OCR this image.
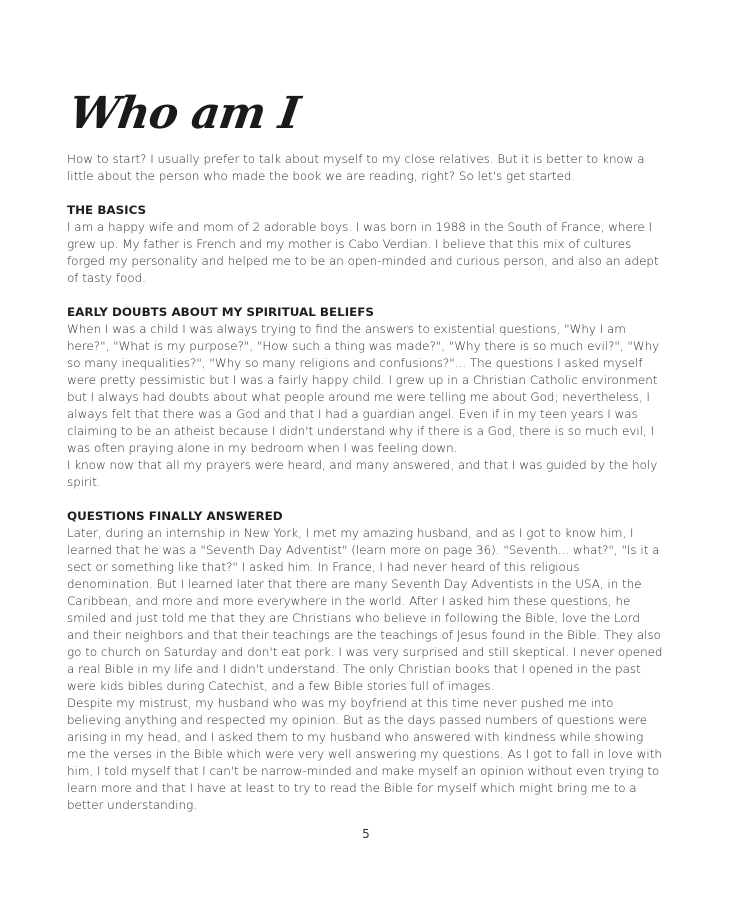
Who am I

How to start? I usually prefer to talk about myself to my close relatives. But it is better to know a little about the person who made the book we are reading, right? So let's get started.

THE BASICS

I am a happy wife and mom of 2 adorable boys. I was born in 1988 in the South of France, where I grew up. My father is French and my mother is Cabo Verdian. I believe that this mix of cultures forged my personality and helped me to be an open-minded and curious person, and also an adept of tasty food.

EARLY DOUBTS ABOUT MY SPIRITUAL BELIEFS

When I was a child I was always trying to find the answers to existential questions, "Why I am here?", "What is my purpose?", "How such a thing was made?", "Why there is so much evil?", "Why so many inequalities?", "Why so many religions and confusions?"... The questions I asked myself were pretty pessimistic but I was a fairly happy child. I grew up in a Christian Catholic environment but I always had doubts about what people around me were telling me about God; nevertheless, I always felt that there was a God and that I had a guardian angel. Even if in my teen years I was claiming to be an atheist because I didn't understand why if there is a God, there is so much evil, I was often praying alone in my bedroom when I was feeling down.

I know now that all my prayers were heard, and many answered, and that I was guided by the holy spirit.

QUESTIONS FINALLY ANSWERED

Later, during an internship in New York, I met my amazing husband, and as I got to know him, I learned that he was a "Seventh Day Adventist" (learn more on page 36). "Seventh... what?", "Is it a sect or something like that?" I asked him. In France, I had never heard of this religious denomination. But I learned later that there are many Seventh Day Adventists in the USA, in the Caribbean, and more and more everywhere in the world. After I asked him these questions, he smiled and just told me that they are Christians who believe in following the Bible, love the Lord and their neighbors and that their teachings are the teachings of Jesus found in the Bible. They also go to church on Saturday and don't eat pork. I was very surprised and still skeptical. I never opened a real Bible in my life and I didn't understand. The only Christian books that I opened in the past were kids bibles during Catechist, and a few Bible stories full of images.

Despite my mistrust, my husband who was my boyfriend at this time never pushed me into believing anything and respected my opinion. But as the days passed numbers of questions were arising in my head, and I asked them to my husband who answered with kindness while showing me the verses in the Bible which were very well answering my questions. As I got to fall in love with him, I told myself that I can't be narrow-minded and make myself an opinion without even trying to learn more and that I have at least to try to read the Bible for myself which might bring me to a better understanding.

5
